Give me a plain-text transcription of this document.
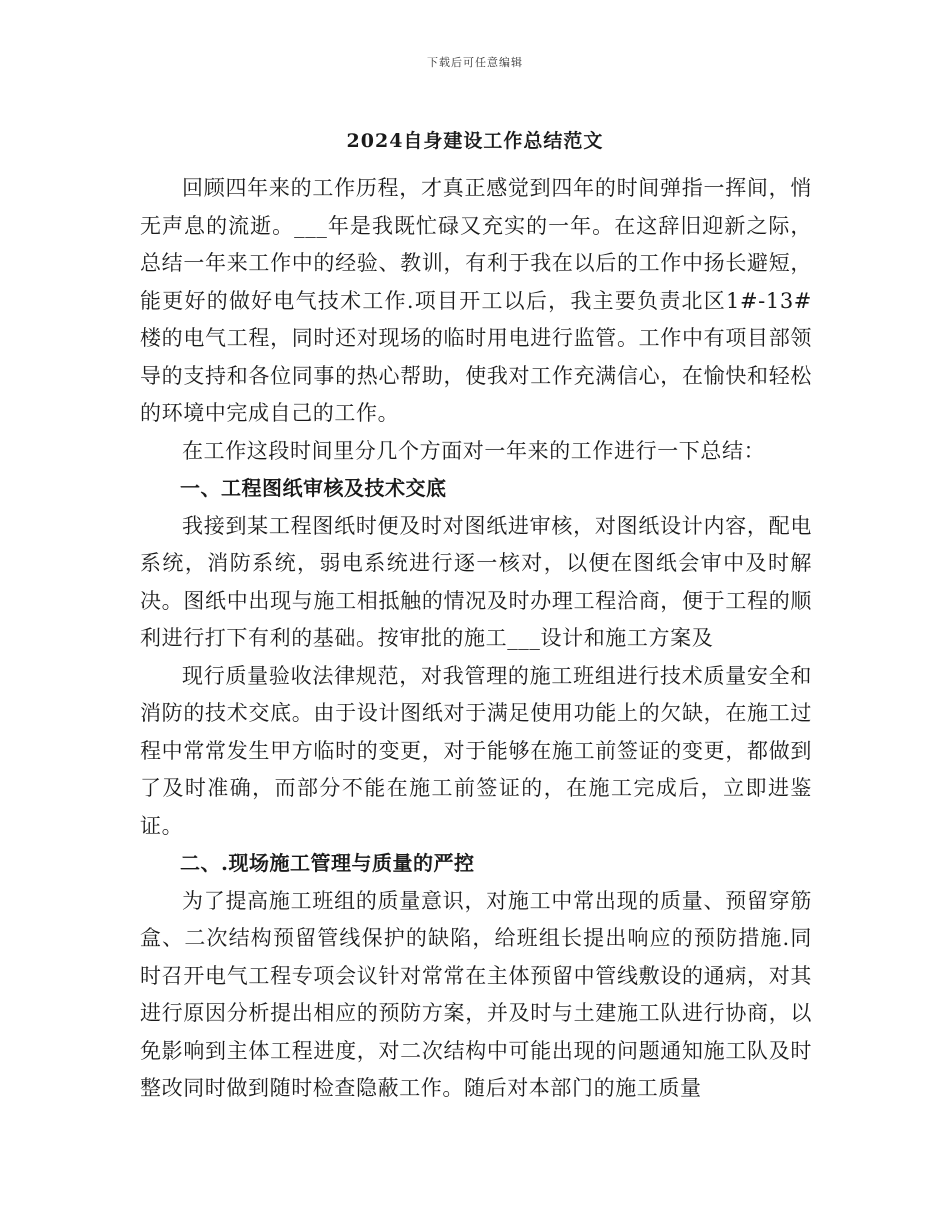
下载后可任意编辑
2024自身建设工作总结范文

回顾四年来的工作历程，才真正感觉到四年的时间弹指一挥间，悄无声息的流逝。___年是我既忙碌又充实的一年。在这辞旧迎新之际，总结一年来工作中的经验、教训，有利于我在以后的工作中扬长避短，能更好的做好电气技术工作.项目开工以后，我主要负责北区1#-13#楼的电气工程，同时还对现场的临时用电进行监管。工作中有项目部领导的支持和各位同事的热心帮助，使我对工作充满信心，在愉快和轻松的环境中完成自己的工作。

在工作这段时间里分几个方面对一年来的工作进行一下总结：

一、工程图纸审核及技术交底

我接到某工程图纸时便及时对图纸进审核，对图纸设计内容，配电系统，消防系统，弱电系统进行逐一核对，以便在图纸会审中及时解决。图纸中出现与施工相抵触的情况及时办理工程洽商，便于工程的顺利进行打下有利的基础。按审批的施工___设计和施工方案及

现行质量验收法律规范，对我管理的施工班组进行技术质量安全和消防的技术交底。由于设计图纸对于满足使用功能上的欠缺，在施工过程中常常发生甲方临时的变更，对于能够在施工前签证的变更，都做到了及时准确，而部分不能在施工前签证的，在施工完成后，立即进鉴证。

二、.现场施工管理与质量的严控

为了提高施工班组的质量意识，对施工中常出现的质量、预留穿筋盒、二次结构预留管线保护的缺陷，给班组长提出响应的预防措施.同时召开电气工程专项会议针对常常在主体预留中管线敷设的通病，对其进行原因分析提出相应的预防方案，并及时与土建施工队进行协商，以免影响到主体工程进度，对二次结构中可能出现的问题通知施工队及时整改同时做到随时检查隐蔽工作。随后对本部门的施工质量
